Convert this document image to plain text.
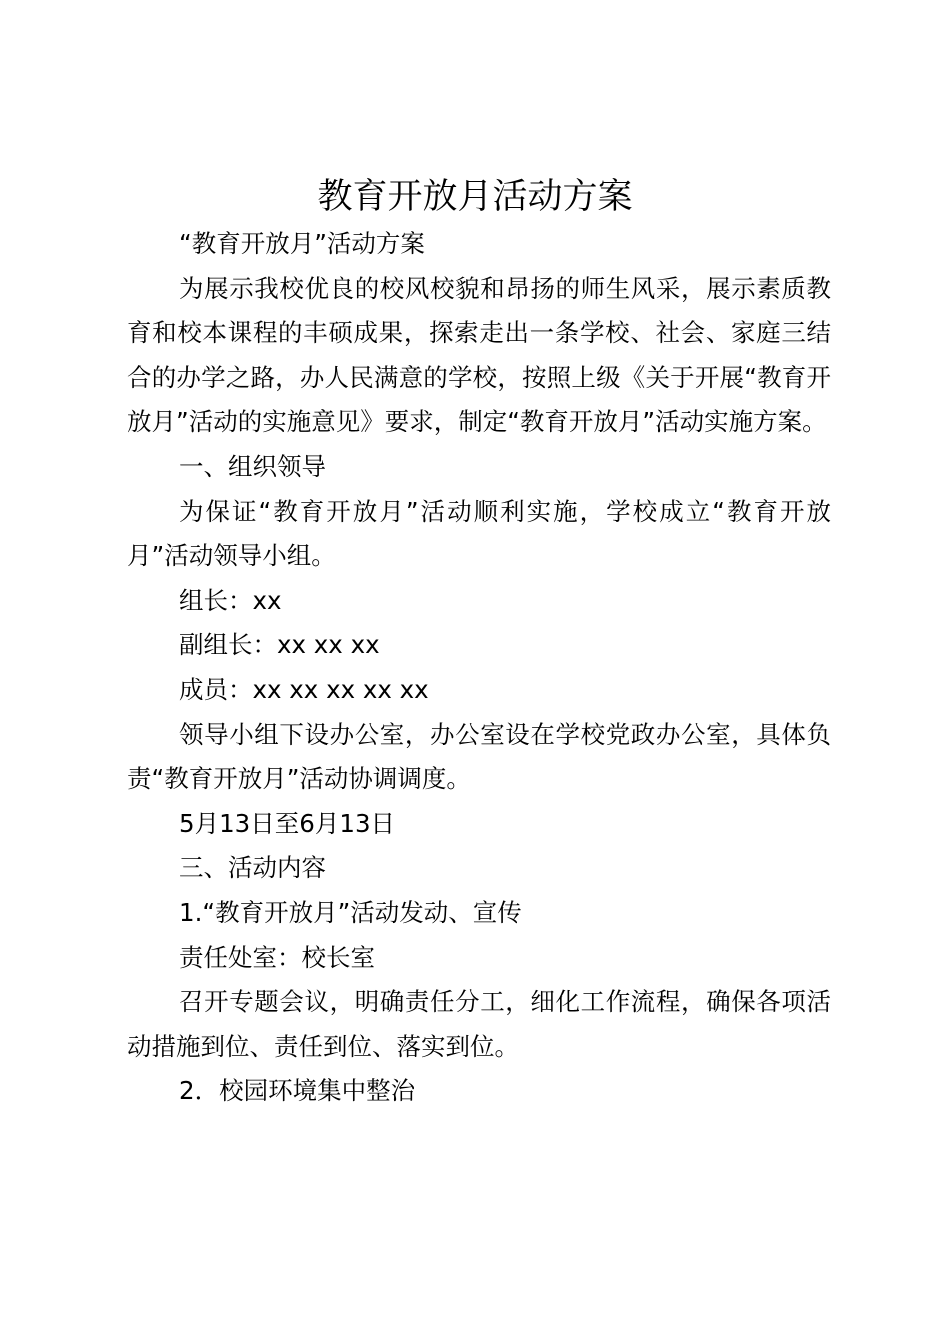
教育开放月活动方案

“教育开放月”活动方案

为展示我校优良的校风校貌和昂扬的师生风采，展示素质教育和校本课程的丰硕成果，探索走出一条学校、社会、家庭三结合的办学之路，办人民满意的学校，按照上级《关于开展“教育开放月”活动的实施意见》要求，制定“教育开放月”活动实施方案。

一、组织领导

为保证“教育开放月”活动顺利实施，学校成立“教育开放月”活动领导小组。

组长：xx

副组长：xx xx xx

成员：xx xx xx xx xx

领导小组下设办公室，办公室设在学校党政办公室，具体负责“教育开放月”活动协调调度。

5月13日至6月13日

三、活动内容

1.“教育开放月”活动发动、宣传

责任处室：校长室

召开专题会议，明确责任分工，细化工作流程，确保各项活动措施到位、责任到位、落实到位。

2．校园环境集中整治
